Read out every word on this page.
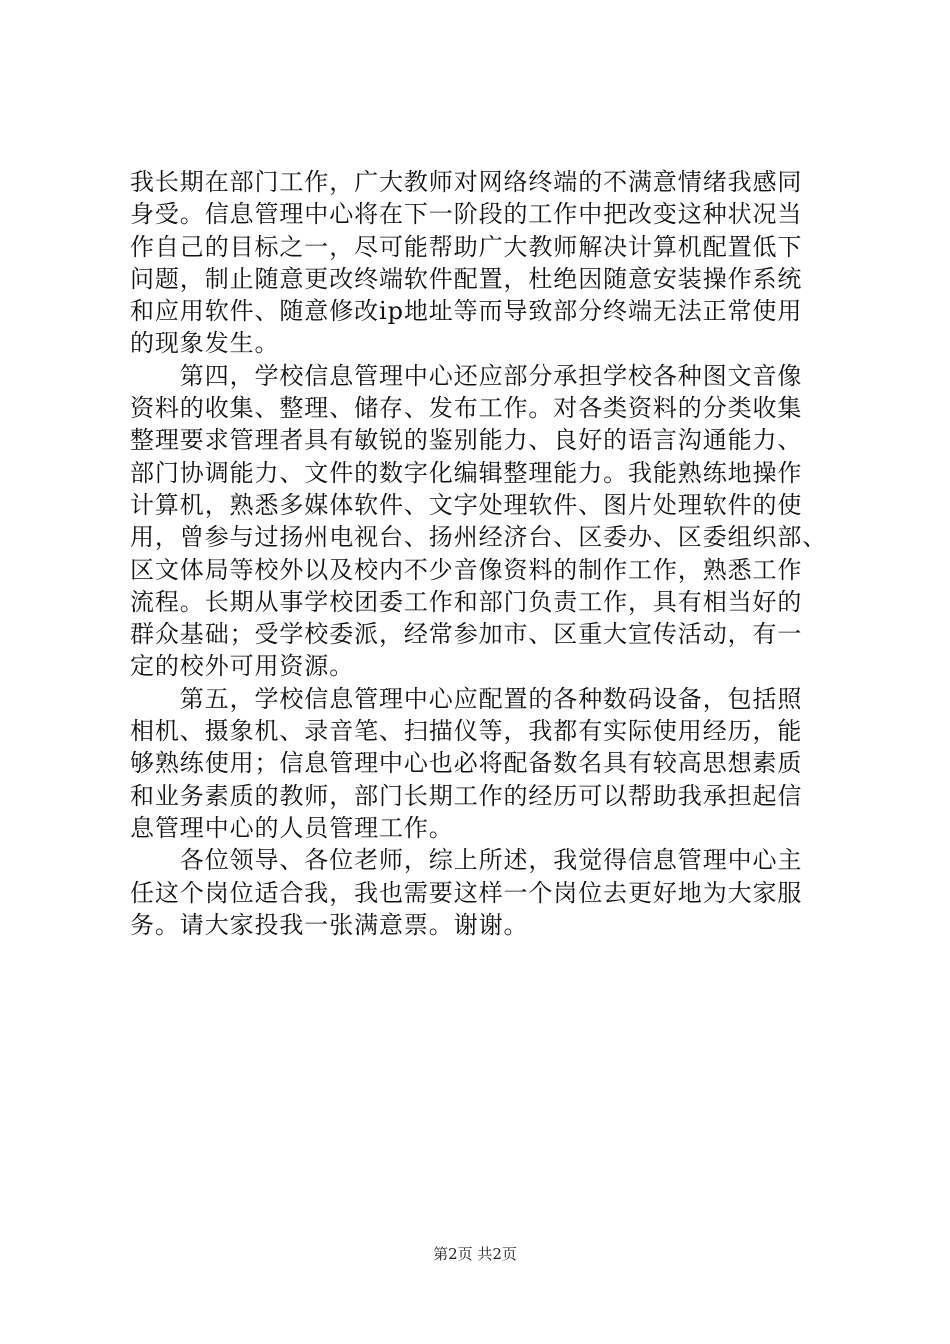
我长期在部门工作，广大教师对网络终端的不满意情绪我感同
身受。信息管理中心将在下一阶段的工作中把改变这种状况当
作自己的目标之一，尽可能帮助广大教师解决计算机配置低下
问题，制止随意更改终端软件配置，杜绝因随意安装操作系统
和应用软件、随意修改ip地址等而导致部分终端无法正常使用
的现象发生。
　　第四，学校信息管理中心还应部分承担学校各种图文音像
资料的收集、整理、储存、发布工作。对各类资料的分类收集
整理要求管理者具有敏锐的鉴别能力、良好的语言沟通能力、
部门协调能力、文件的数字化编辑整理能力。我能熟练地操作
计算机，熟悉多媒体软件、文字处理软件、图片处理软件的使
用，曾参与过扬州电视台、扬州经济台、区委办、区委组织部、
区文体局等校外以及校内不少音像资料的制作工作，熟悉工作
流程。长期从事学校团委工作和部门负责工作，具有相当好的
群众基础；受学校委派，经常参加市、区重大宣传活动，有一
定的校外可用资源。
　　第五，学校信息管理中心应配置的各种数码设备，包括照
相机、摄象机、录音笔、扫描仪等，我都有实际使用经历，能
够熟练使用；信息管理中心也必将配备数名具有较高思想素质
和业务素质的教师，部门长期工作的经历可以帮助我承担起信
息管理中心的人员管理工作。
　　各位领导、各位老师，综上所述，我觉得信息管理中心主
任这个岗位适合我，我也需要这样一个岗位去更好地为大家服
务。请大家投我一张满意票。谢谢。
第2页 共2页
